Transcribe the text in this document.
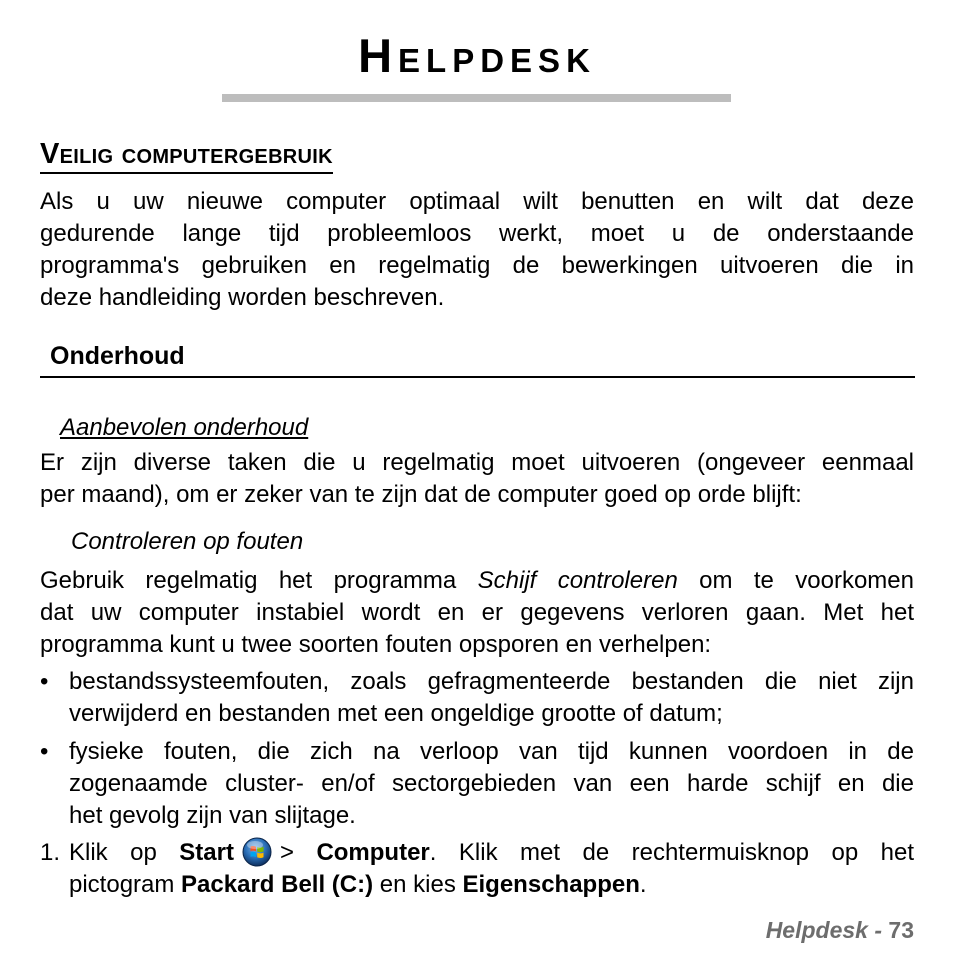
Helpdesk
Veilig computergebruik
Als u uw nieuwe computer optimaal wilt benutten en wilt dat deze
gedurende lange tijd probleemloos werkt, moet u de onderstaande
programma's gebruiken en regelmatig de bewerkingen uitvoeren die in
deze handleiding worden beschreven.
Onderhoud
Aanbevolen onderhoud
Er zijn diverse taken die u regelmatig moet uitvoeren (ongeveer eenmaal
per maand), om er zeker van te zijn dat de computer goed op orde blijft:
Controleren op fouten
Gebruik regelmatig het programma Schijf controleren om te voorkomen
dat uw computer instabiel wordt en er gegevens verloren gaan. Met het
programma kunt u twee soorten fouten opsporen en verhelpen:
• bestandssysteemfouten, zoals gefragmenteerde bestanden die niet zijn
verwijderd en bestanden met een ongeldige grootte of datum;
• fysieke fouten, die zich na verloop van tijd kunnen voordoen in de
zogenaamde cluster- en/of sectorgebieden van een harde schijf en die
het gevolg zijn van slijtage.
1. Klik op Start > Computer. Klik met de rechtermuisknop op het
pictogram Packard Bell (C:) en kies Eigenschappen.
Helpdesk - 73
